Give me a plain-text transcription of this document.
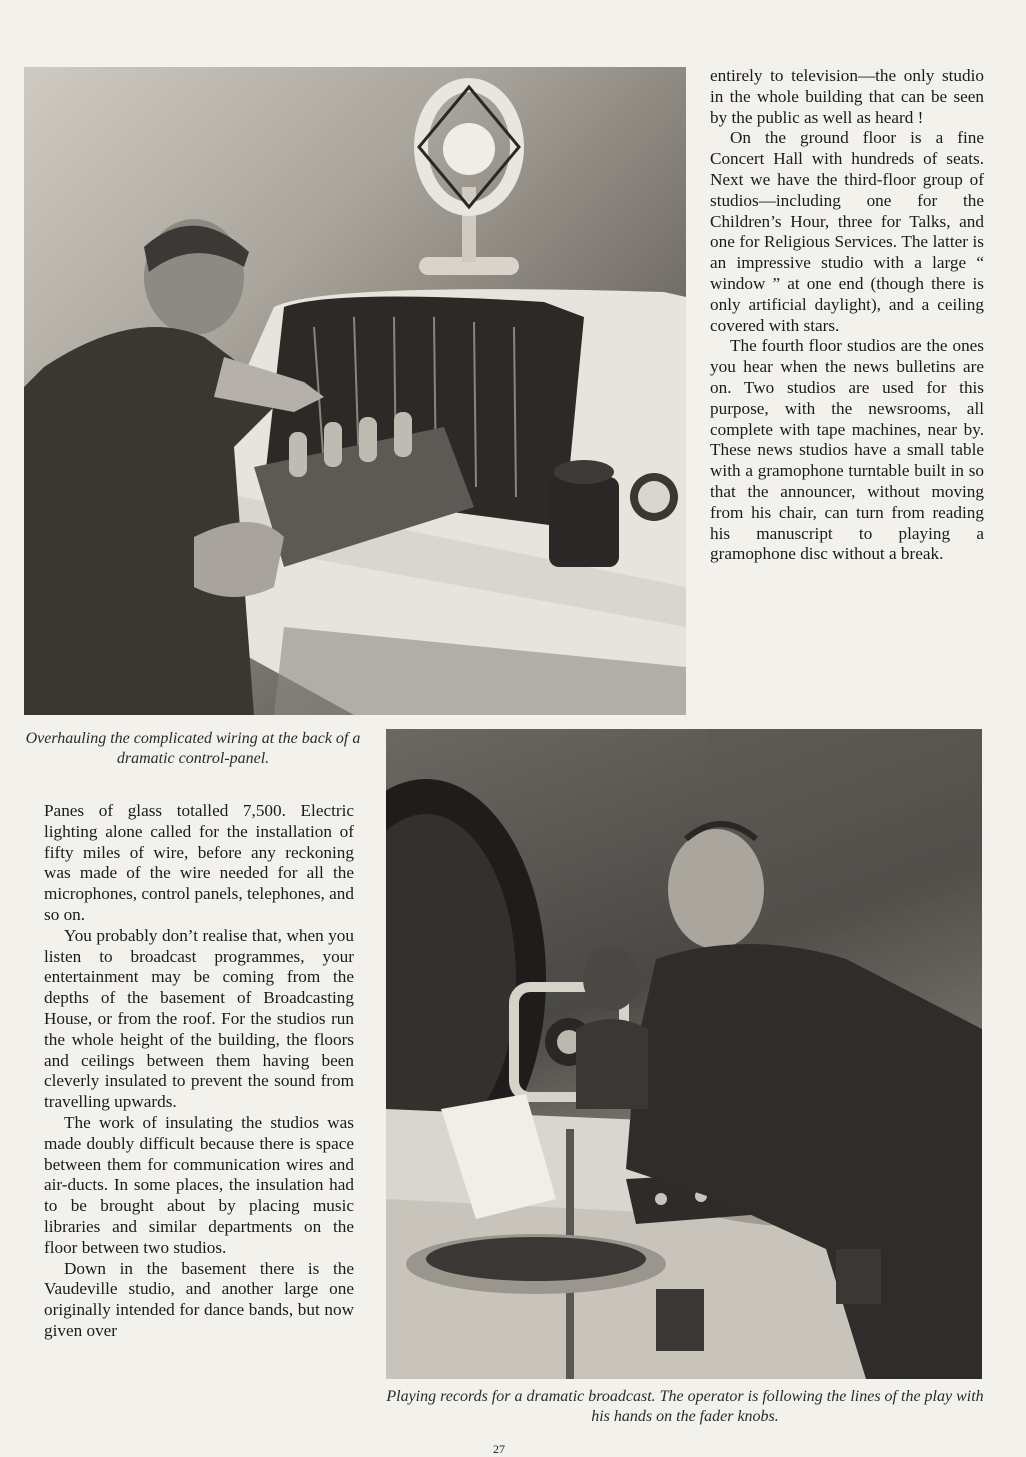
entirely to television—the only studio in the whole building that can be seen by the public as well as heard !

On the ground floor is a fine Concert Hall with hundreds of seats. Next we have the third-floor group of studios—including one for the Children’s Hour, three for Talks, and one for Religious Services. The latter is an impressive studio with a large “ window ” at one end (though there is only artificial daylight), and a ceiling covered with stars.

The fourth floor studios are the ones you hear when the news bulletins are on. Two studios are used for this purpose, with the newsrooms, all complete with tape machines, near by. These news studios have a small table with a gramophone turntable built in so that the announcer, without moving from his chair, can turn from reading his manuscript to playing a gramophone disc without a break.

Overhauling the complicated wiring at the back of a dramatic control-panel.

Panes of glass totalled 7,500. Electric lighting alone called for the installation of fifty miles of wire, before any reckoning was made of the wire needed for all the microphones, control panels, telephones, and so on.

You probably don’t realise that, when you listen to broadcast programmes, your entertainment may be coming from the depths of the basement of Broadcasting House, or from the roof. For the studios run the whole height of the building, the floors and ceilings between them having been cleverly insulated to prevent the sound from travelling upwards.

The work of insulating the studios was made doubly difficult because there is space between them for communication wires and air-ducts. In some places, the insulation had to be brought about by placing music libraries and similar departments on the floor between two studios.

Down in the basement there is the Vaudeville studio, and another large one originally intended for dance bands, but now given over

Playing records for a dramatic broadcast. The operator is following the lines of the play with his hands on the fader knobs.
27
